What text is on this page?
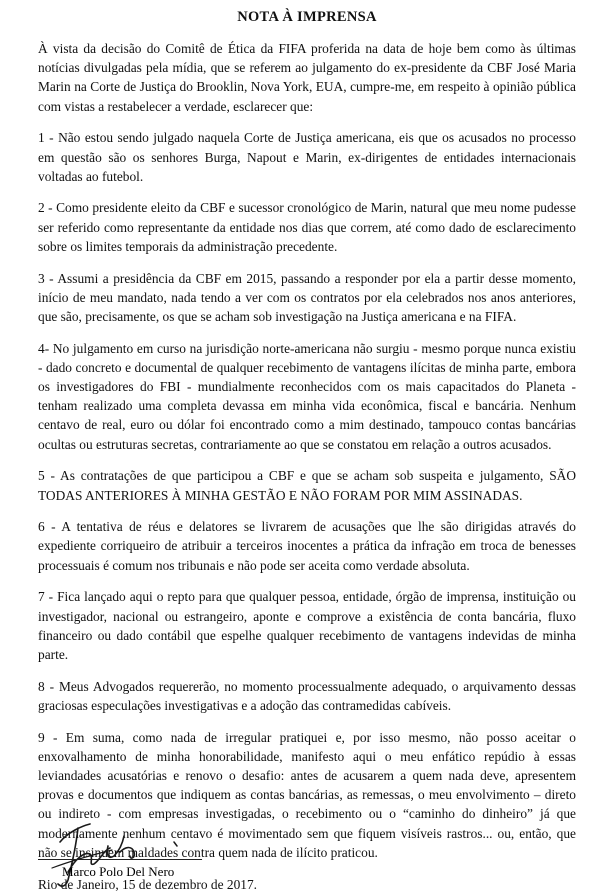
NOTA À IMPRENSA

À vista da decisão do Comitê de Ética da FIFA proferida na data de hoje bem como às últimas notícias divulgadas pela mídia, que se referem ao julgamento do ex-presidente da CBF José Maria Marin na Corte de Justiça do Brooklin, Nova York, EUA, cumpre-me, em respeito à opinião pública com vistas a restabelecer a verdade, esclarecer que:

1 - Não estou sendo julgado naquela Corte de Justiça americana, eis que os acusados no processo em questão são os senhores Burga, Napout e Marin, ex-dirigentes de entidades internacionais voltadas ao futebol.

2 - Como presidente eleito da CBF e sucessor cronológico de Marin, natural que meu nome pudesse ser referido como representante da entidade nos dias que correm, até como dado de esclarecimento sobre os limites temporais da administração precedente.

3 - Assumi a presidência da CBF em 2015, passando a responder por ela a partir desse momento, início de meu mandato, nada tendo a ver com os contratos por ela celebrados nos anos anteriores, que são, precisamente, os que se acham sob investigação na Justiça americana e na FIFA.

4- No julgamento em curso na jurisdição norte-americana não surgiu - mesmo porque nunca existiu - dado concreto e documental de qualquer recebimento de vantagens ilícitas de minha parte, embora os investigadores do FBI - mundialmente reconhecidos com os mais capacitados do Planeta - tenham realizado uma completa devassa em minha vida econômica, fiscal e bancária. Nenhum centavo de real, euro ou dólar foi encontrado como a mim destinado, tampouco contas bancárias ocultas ou estruturas secretas, contrariamente ao que se constatou em relação a outros acusados.

5 - As contratações de que participou a CBF e que se acham sob suspeita e julgamento, SÃO TODAS ANTERIORES À MINHA GESTÃO E NÃO FORAM POR MIM ASSINADAS.

6 - A tentativa de réus e delatores se livrarem de acusações que lhe são dirigidas através do expediente corriqueiro de atribuir a terceiros inocentes a prática da infração em troca de benesses processuais é comum nos tribunais e não pode ser aceita como verdade absoluta.

7 - Fica lançado aqui o repto para que qualquer pessoa, entidade, órgão de imprensa, instituição ou investigador, nacional ou estrangeiro, aponte e comprove a existência de conta bancária, fluxo financeiro ou dado contábil que espelhe qualquer recebimento de vantagens indevidas de minha parte.

8 - Meus Advogados requererão, no momento processualmente adequado, o arquivamento dessas graciosas especulações investigativas e a adoção das contramedidas cabíveis.

9 - Em suma, como nada de irregular pratiquei e, por isso mesmo, não posso aceitar o enxovalhamento de minha honorabilidade, manifesto aqui o meu enfático repúdio à essas leviandades acusatórias e renovo o desafio: antes de acusarem a quem nada deve, apresentem provas e documentos que indiquem as contas bancárias, as remessas, o meu envolvimento – direto ou indireto - com empresas investigadas, o recebimento ou o “caminho do dinheiro” já que modernamente nenhum centavo é movimentado sem que fiquem visíveis rastros... ou, então, que não se insinuem maldades contra quem nada de ilícito praticou.

Rio de Janeiro, 15 de dezembro de 2017.
Marco Polo Del Nero
